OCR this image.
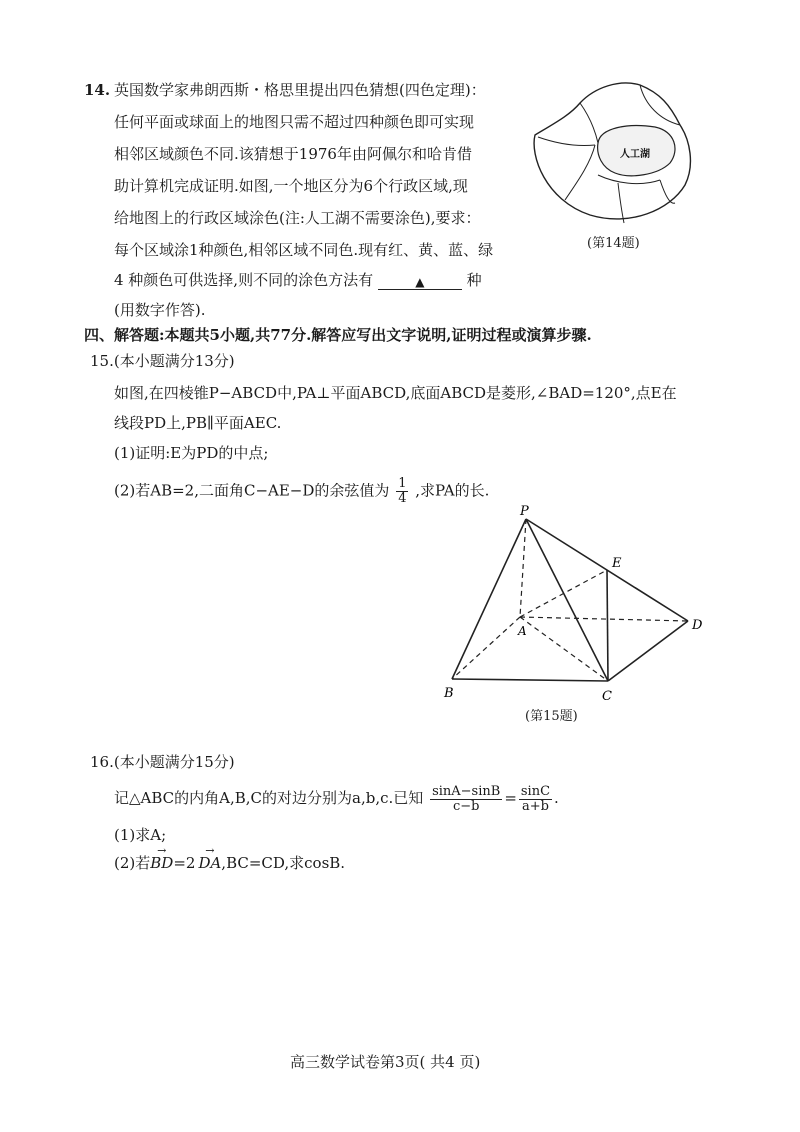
14. 英国数学家弗朗西斯・格思里提出四色猜想(四色定理)：
任何平面或球面上的地图只需不超过四种颜色即可实现
相邻区域颜色不同.该猜想于1976年由阿佩尔和哈肯借
助计算机完成证明.如图,一个地区分为6个行政区域,现
给地图上的行政区域涂色(注:人工湖不需要涂色),要求：
每个区域涂1种颜色,相邻区域不同色.现有红、黄、蓝、绿
4 种颜色可供选择,则不同的涂色方法有	▲	种
(用数字作答).
人工湖
(第14题)
四、解答题:本题共5小题,共77分.解答应写出文字说明,证明过程或演算步骤.
15.(本小题满分13分)
如图,在四棱锥P−ABCD中,PA⊥平面ABCD,底面ABCD是菱形,∠BAD=120°,点E在
线段PD上,PB∥平面AEC.
(1)证明:E为PD的中点;
(2)若AB=2,二面角C−AE−D的余弦值为 $\frac{1}{4}$ ,求PA的长.
P
E
A	D
B	C
(第15题)
16.(本小题满分15分)
记△ABC的内角A,B,C的对边分别为a,b,c.已知 $\frac{\sin A-\sin B}{c-b} = \frac{\sin C}{a+b}$ .
(1)求A;
(2)若→ BD=2→ DA,BC=CD,求cosB.
高三数学试卷第3页( 共4 页)
